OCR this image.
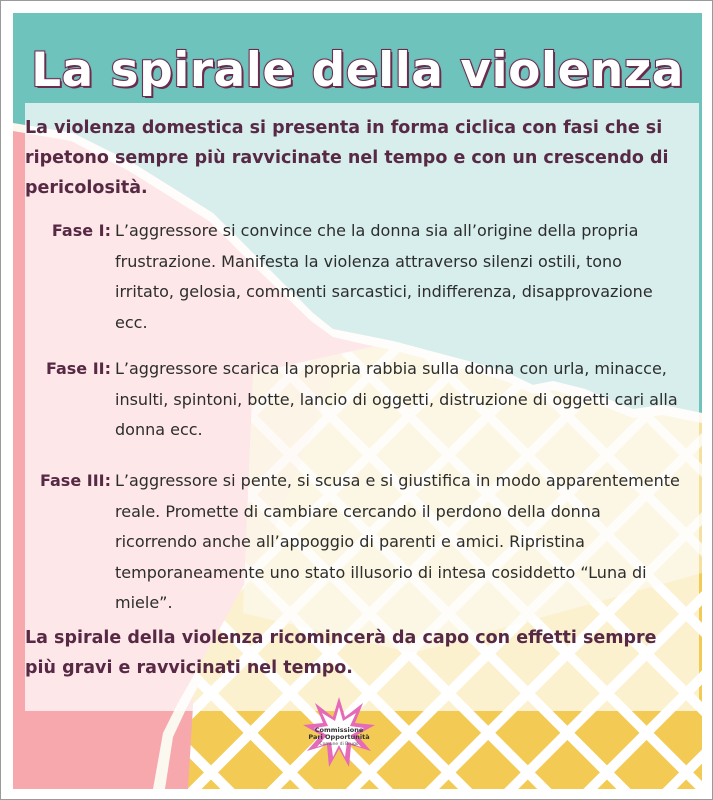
La spirale della violenza

La violenza domestica si presenta in forma ciclica con fasi che si ripetono sempre più ravvicinate nel tempo e con un crescendo di pericolosità.

Fase I: L’aggressore si convince che la donna sia all’origine della propria frustrazione. Manifesta la violenza attraverso silenzi ostili, tono irritato, gelosia, commenti sarcastici, indifferenza, disapprovazione ecc.

Fase II: L’aggressore scarica la propria rabbia sulla donna con urla, minacce, insulti, spintoni, botte, lancio di oggetti, distruzione di oggetti cari alla donna ecc.

Fase III: L’aggressore si pente, si scusa e si giustifica in modo apparentemente reale. Promette di cambiare cercando il perdono della donna ricorrendo anche all’appoggio di parenti e amici. Ripristina temporaneamente uno stato illusorio di intesa cosiddetto “Luna di miele”.

La spirale della violenza ricomincerà da capo con effetti sempre più gravi e ravvicinati nel tempo.

Commissione
Pari Opportunità
Comune di Brugo
